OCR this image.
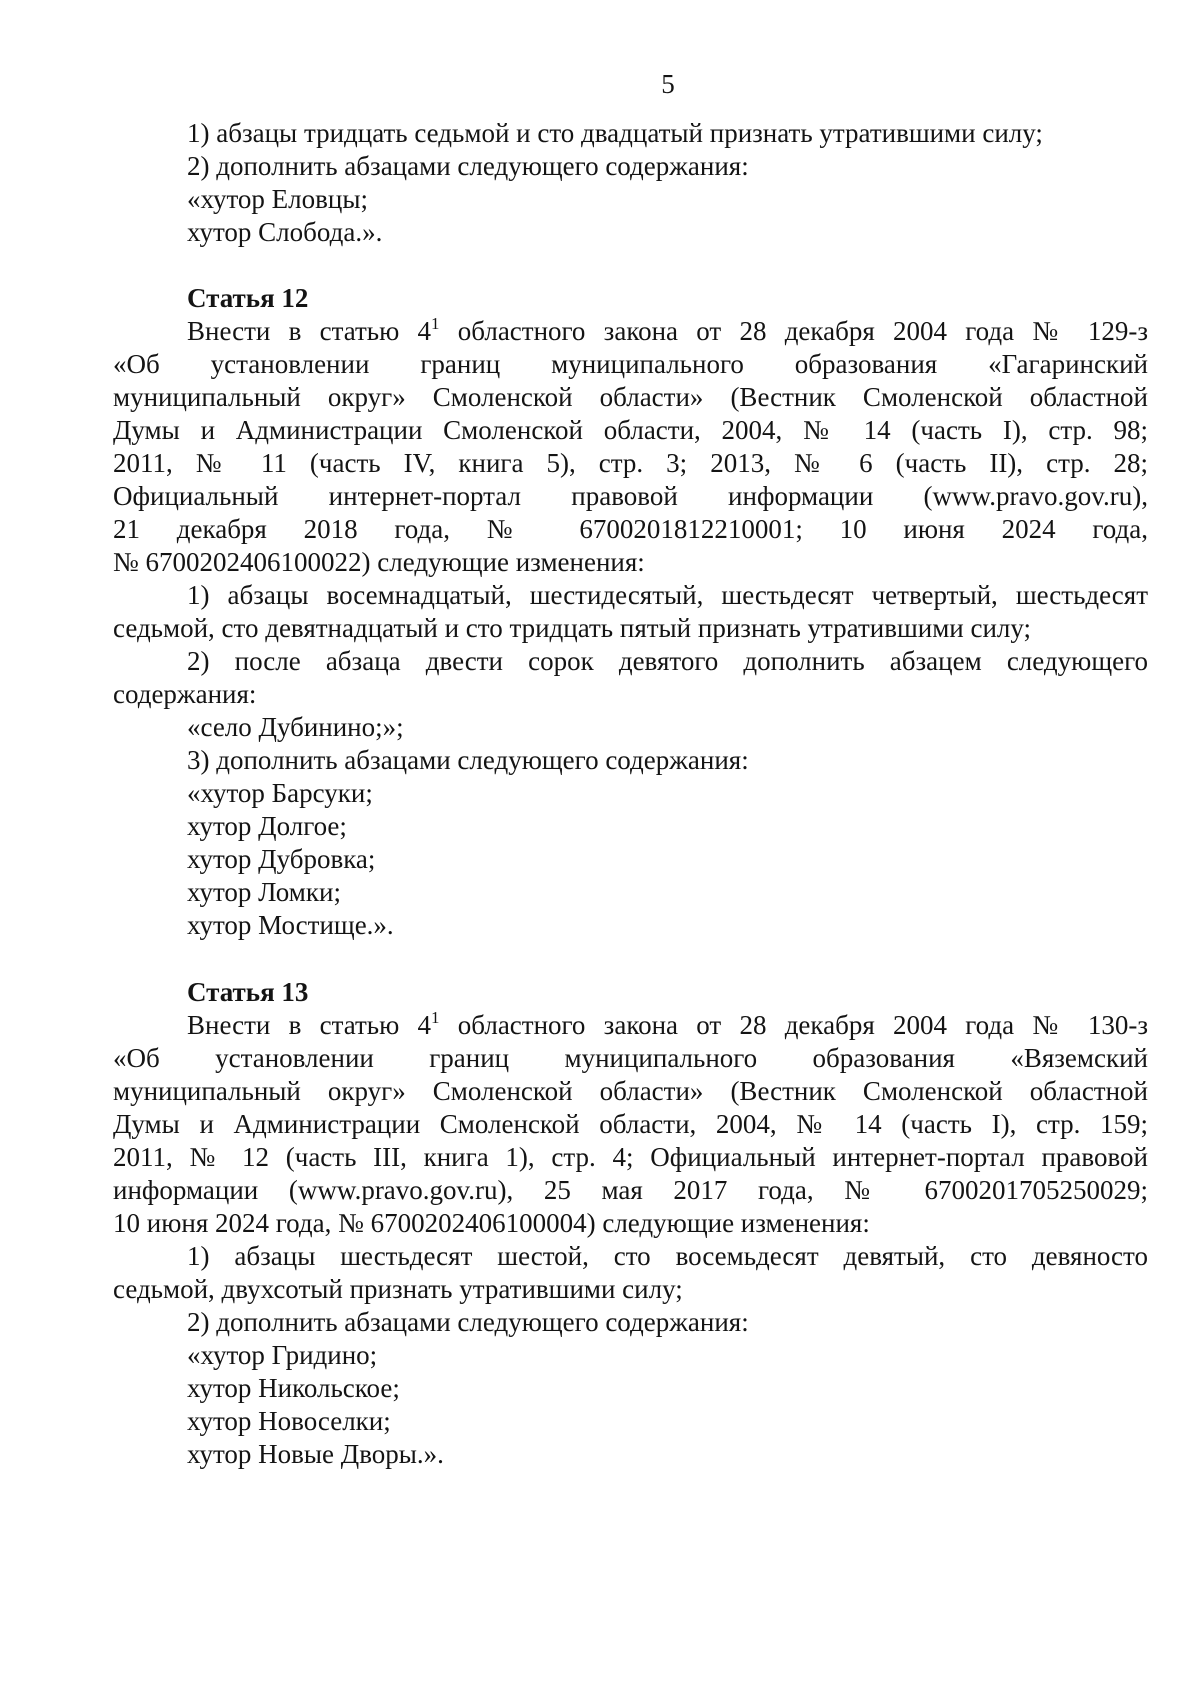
5
1) абзацы тридцать седьмой и сто двадцатый признать утратившими силу;
2) дополнить абзацами следующего содержания:
«хутор Еловцы;
хутор Слобода.».
Статья 12
Внести в статью $4^1$ областного закона от 28 декабря 2004 года № 129-з
«Об установлении границ муниципального образования «Гагаринский
муниципальный округ» Смоленской области» (Вестник Смоленской областной
Думы и Администрации Смоленской области, 2004, № 14 (часть I), стр. 98;
2011, № 11 (часть IV, книга 5), стр. 3; 2013, № 6 (часть II), стр. 28;
Официальный интернет-портал правовой информации (www.pravo.gov.ru),
21 декабря 2018 года, № 6700201812210001; 10 июня 2024 года,
№ 6700202406100022) следующие изменения:
1) абзацы восемнадцатый, шестидесятый, шестьдесят четвертый, шестьдесят
седьмой, сто девятнадцатый и сто тридцать пятый признать утратившими силу;
2) после абзаца двести сорок девятого дополнить абзацем следующего
содержания:
«село Дубинино;»;
3) дополнить абзацами следующего содержания:
«хутор Барсуки;
хутор Долгое;
хутор Дубровка;
хутор Ломки;
хутор Мостище.».
Статья 13
Внести в статью $4^1$ областного закона от 28 декабря 2004 года № 130-з
«Об установлении границ муниципального образования «Вяземский
муниципальный округ» Смоленской области» (Вестник Смоленской областной
Думы и Администрации Смоленской области, 2004, № 14 (часть I), стр. 159;
2011, № 12 (часть III, книга 1), стр. 4; Официальный интернет-портал правовой
информации (www.pravo.gov.ru), 25 мая 2017 года, № 6700201705250029;
10 июня 2024 года, № 6700202406100004) следующие изменения:
1) абзацы шестьдесят шестой, сто восемьдесят девятый, сто девяносто
седьмой, двухсотый признать утратившими силу;
2) дополнить абзацами следующего содержания:
«хутор Гридино;
хутор Никольское;
хутор Новоселки;
хутор Новые Дворы.».
